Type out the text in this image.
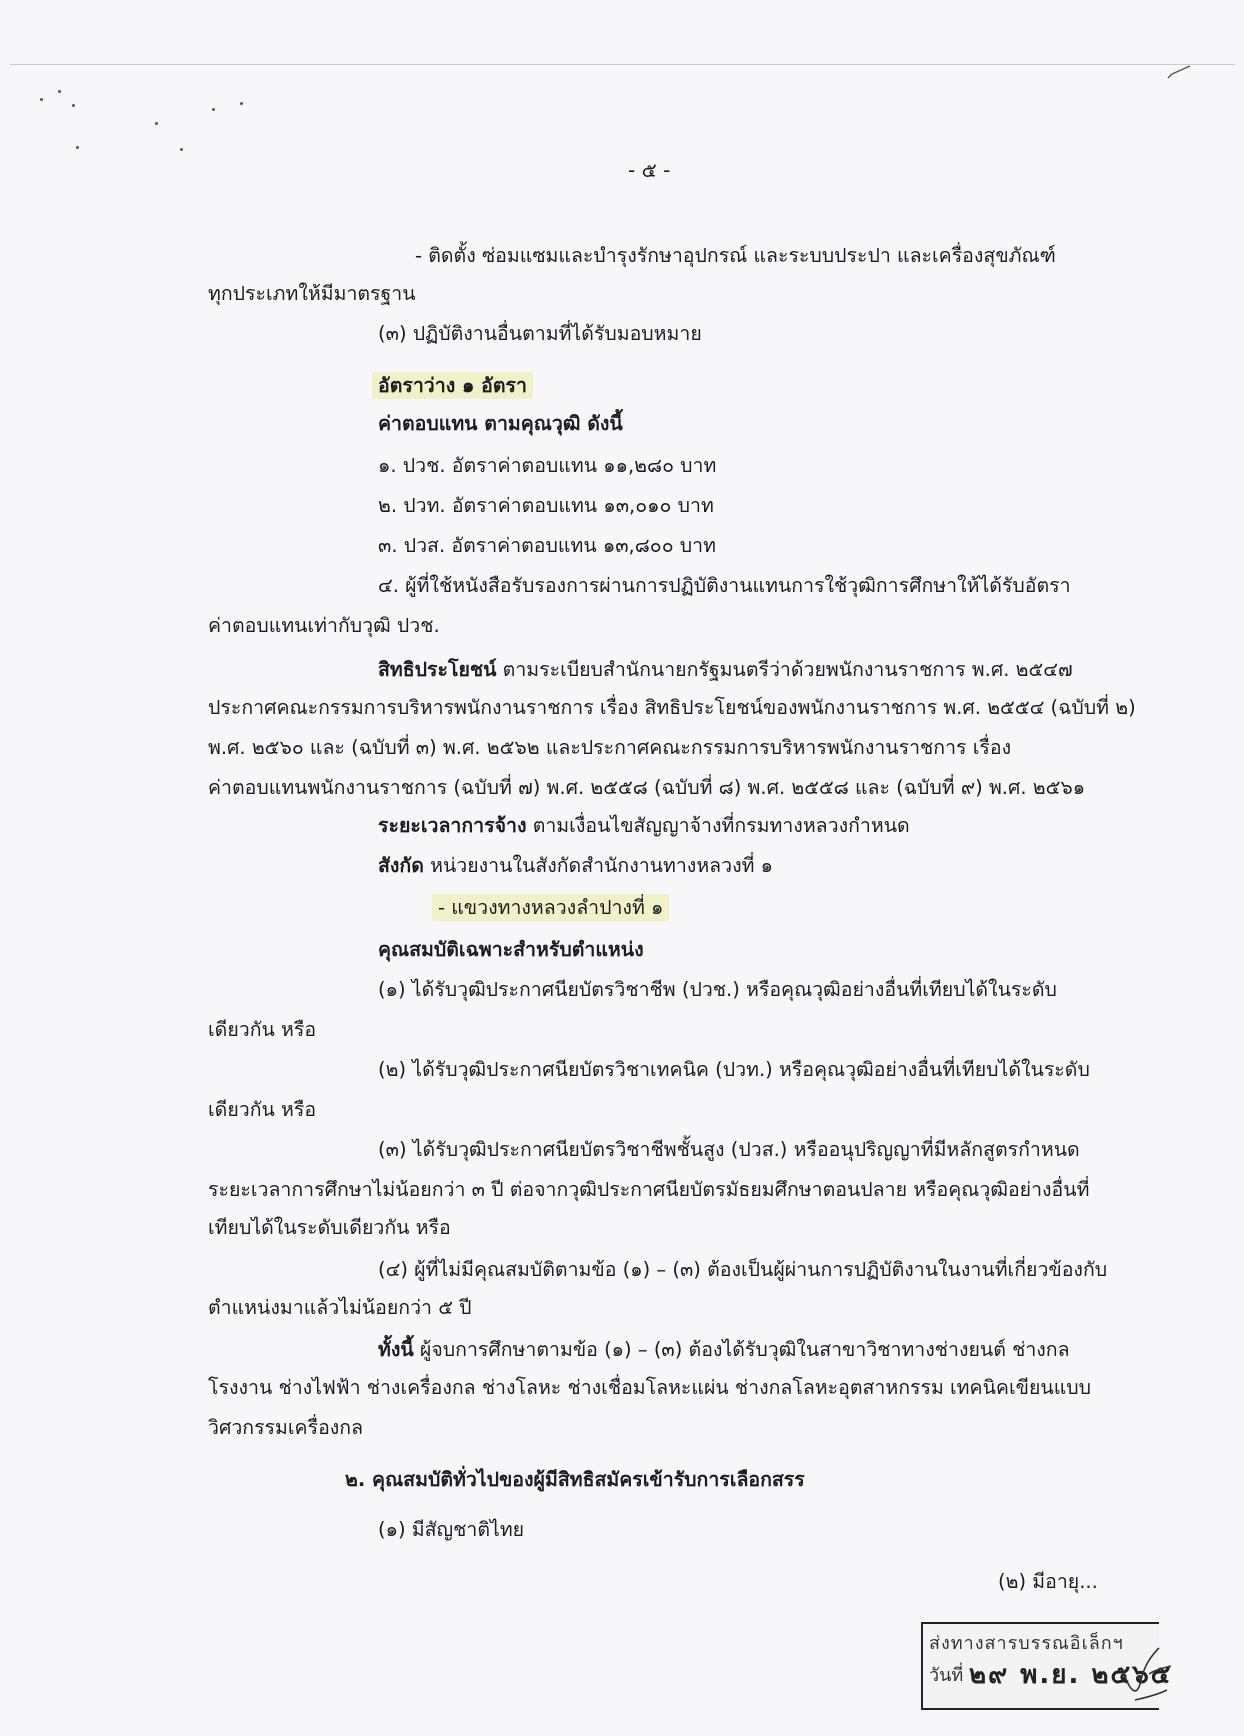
- ๕ -
- ติดตั้ง ซ่อมแซมและบำรุงรักษาอุปกรณ์ และระบบประปา และเครื่องสุขภัณฑ์
ทุกประเภทให้มีมาตรฐาน
(๓) ปฏิบัติงานอื่นตามที่ได้รับมอบหมาย
อัตราว่าง ๑ อัตรา
ค่าตอบแทน ตามคุณวุฒิ ดังนี้
๑. ปวช. อัตราค่าตอบแทน ๑๑,๒๘๐ บาท
๒. ปวท. อัตราค่าตอบแทน ๑๓,๐๑๐ บาท
๓. ปวส. อัตราค่าตอบแทน ๑๓,๘๐๐ บาท
๔. ผู้ที่ใช้หนังสือรับรองการผ่านการปฏิบัติงานแทนการใช้วุฒิการศึกษาให้ได้รับอัตรา
ค่าตอบแทนเท่ากับวุฒิ ปวช.
สิทธิประโยชน์ ตามระเบียบสำนักนายกรัฐมนตรีว่าด้วยพนักงานราชการ พ.ศ. ๒๕๔๗
ประกาศคณะกรรมการบริหารพนักงานราชการ เรื่อง สิทธิประโยชน์ของพนักงานราชการ พ.ศ. ๒๕๕๔ (ฉบับที่ ๒)
พ.ศ. ๒๕๖๐ และ (ฉบับที่ ๓) พ.ศ. ๒๕๖๒ และประกาศคณะกรรมการบริหารพนักงานราชการ เรื่อง
ค่าตอบแทนพนักงานราชการ (ฉบับที่ ๗) พ.ศ. ๒๕๕๘ (ฉบับที่ ๘) พ.ศ. ๒๕๕๘ และ (ฉบับที่ ๙) พ.ศ. ๒๕๖๑
ระยะเวลาการจ้าง ตามเงื่อนไขสัญญาจ้างที่กรมทางหลวงกำหนด
สังกัด หน่วยงานในสังกัดสำนักงานทางหลวงที่ ๑
- แขวงทางหลวงลำปางที่ ๑
คุณสมบัติเฉพาะสำหรับตำแหน่ง
(๑) ได้รับวุฒิประกาศนียบัตรวิชาชีพ (ปวช.) หรือคุณวุฒิอย่างอื่นที่เทียบได้ในระดับ
เดียวกัน หรือ
(๒) ได้รับวุฒิประกาศนียบัตรวิชาเทคนิค (ปวท.) หรือคุณวุฒิอย่างอื่นที่เทียบได้ในระดับ
เดียวกัน หรือ
(๓) ได้รับวุฒิประกาศนียบัตรวิชาชีพชั้นสูง (ปวส.) หรืออนุปริญญาที่มีหลักสูตรกำหนด
ระยะเวลาการศึกษาไม่น้อยกว่า ๓ ปี ต่อจากวุฒิประกาศนียบัตรมัธยมศึกษาตอนปลาย หรือคุณวุฒิอย่างอื่นที่
เทียบได้ในระดับเดียวกัน หรือ
(๔) ผู้ที่ไม่มีคุณสมบัติตามข้อ (๑) – (๓) ต้องเป็นผู้ผ่านการปฏิบัติงานในงานที่เกี่ยวข้องกับ
ตำแหน่งมาแล้วไม่น้อยกว่า ๕ ปี
ทั้งนี้ ผู้จบการศึกษาตามข้อ (๑) – (๓) ต้องได้รับวุฒิในสาขาวิชาทางช่างยนต์ ช่างกล
โรงงาน ช่างไฟฟ้า ช่างเครื่องกล ช่างโลหะ ช่างเชื่อมโลหะแผ่น ช่างกลโลหะอุตสาหกรรม เทคนิคเขียนแบบ
วิศวกรรมเครื่องกล
๒. คุณสมบัติทั่วไปของผู้มีสิทธิสมัครเข้ารับการเลือกสรร
(๑) มีสัญชาติไทย
(๒) มีอายุ...
ส่งทางสารบรรณอิเล็กฯ
วันที่ ๒๙ พ.ย. ๒๕๖๕
